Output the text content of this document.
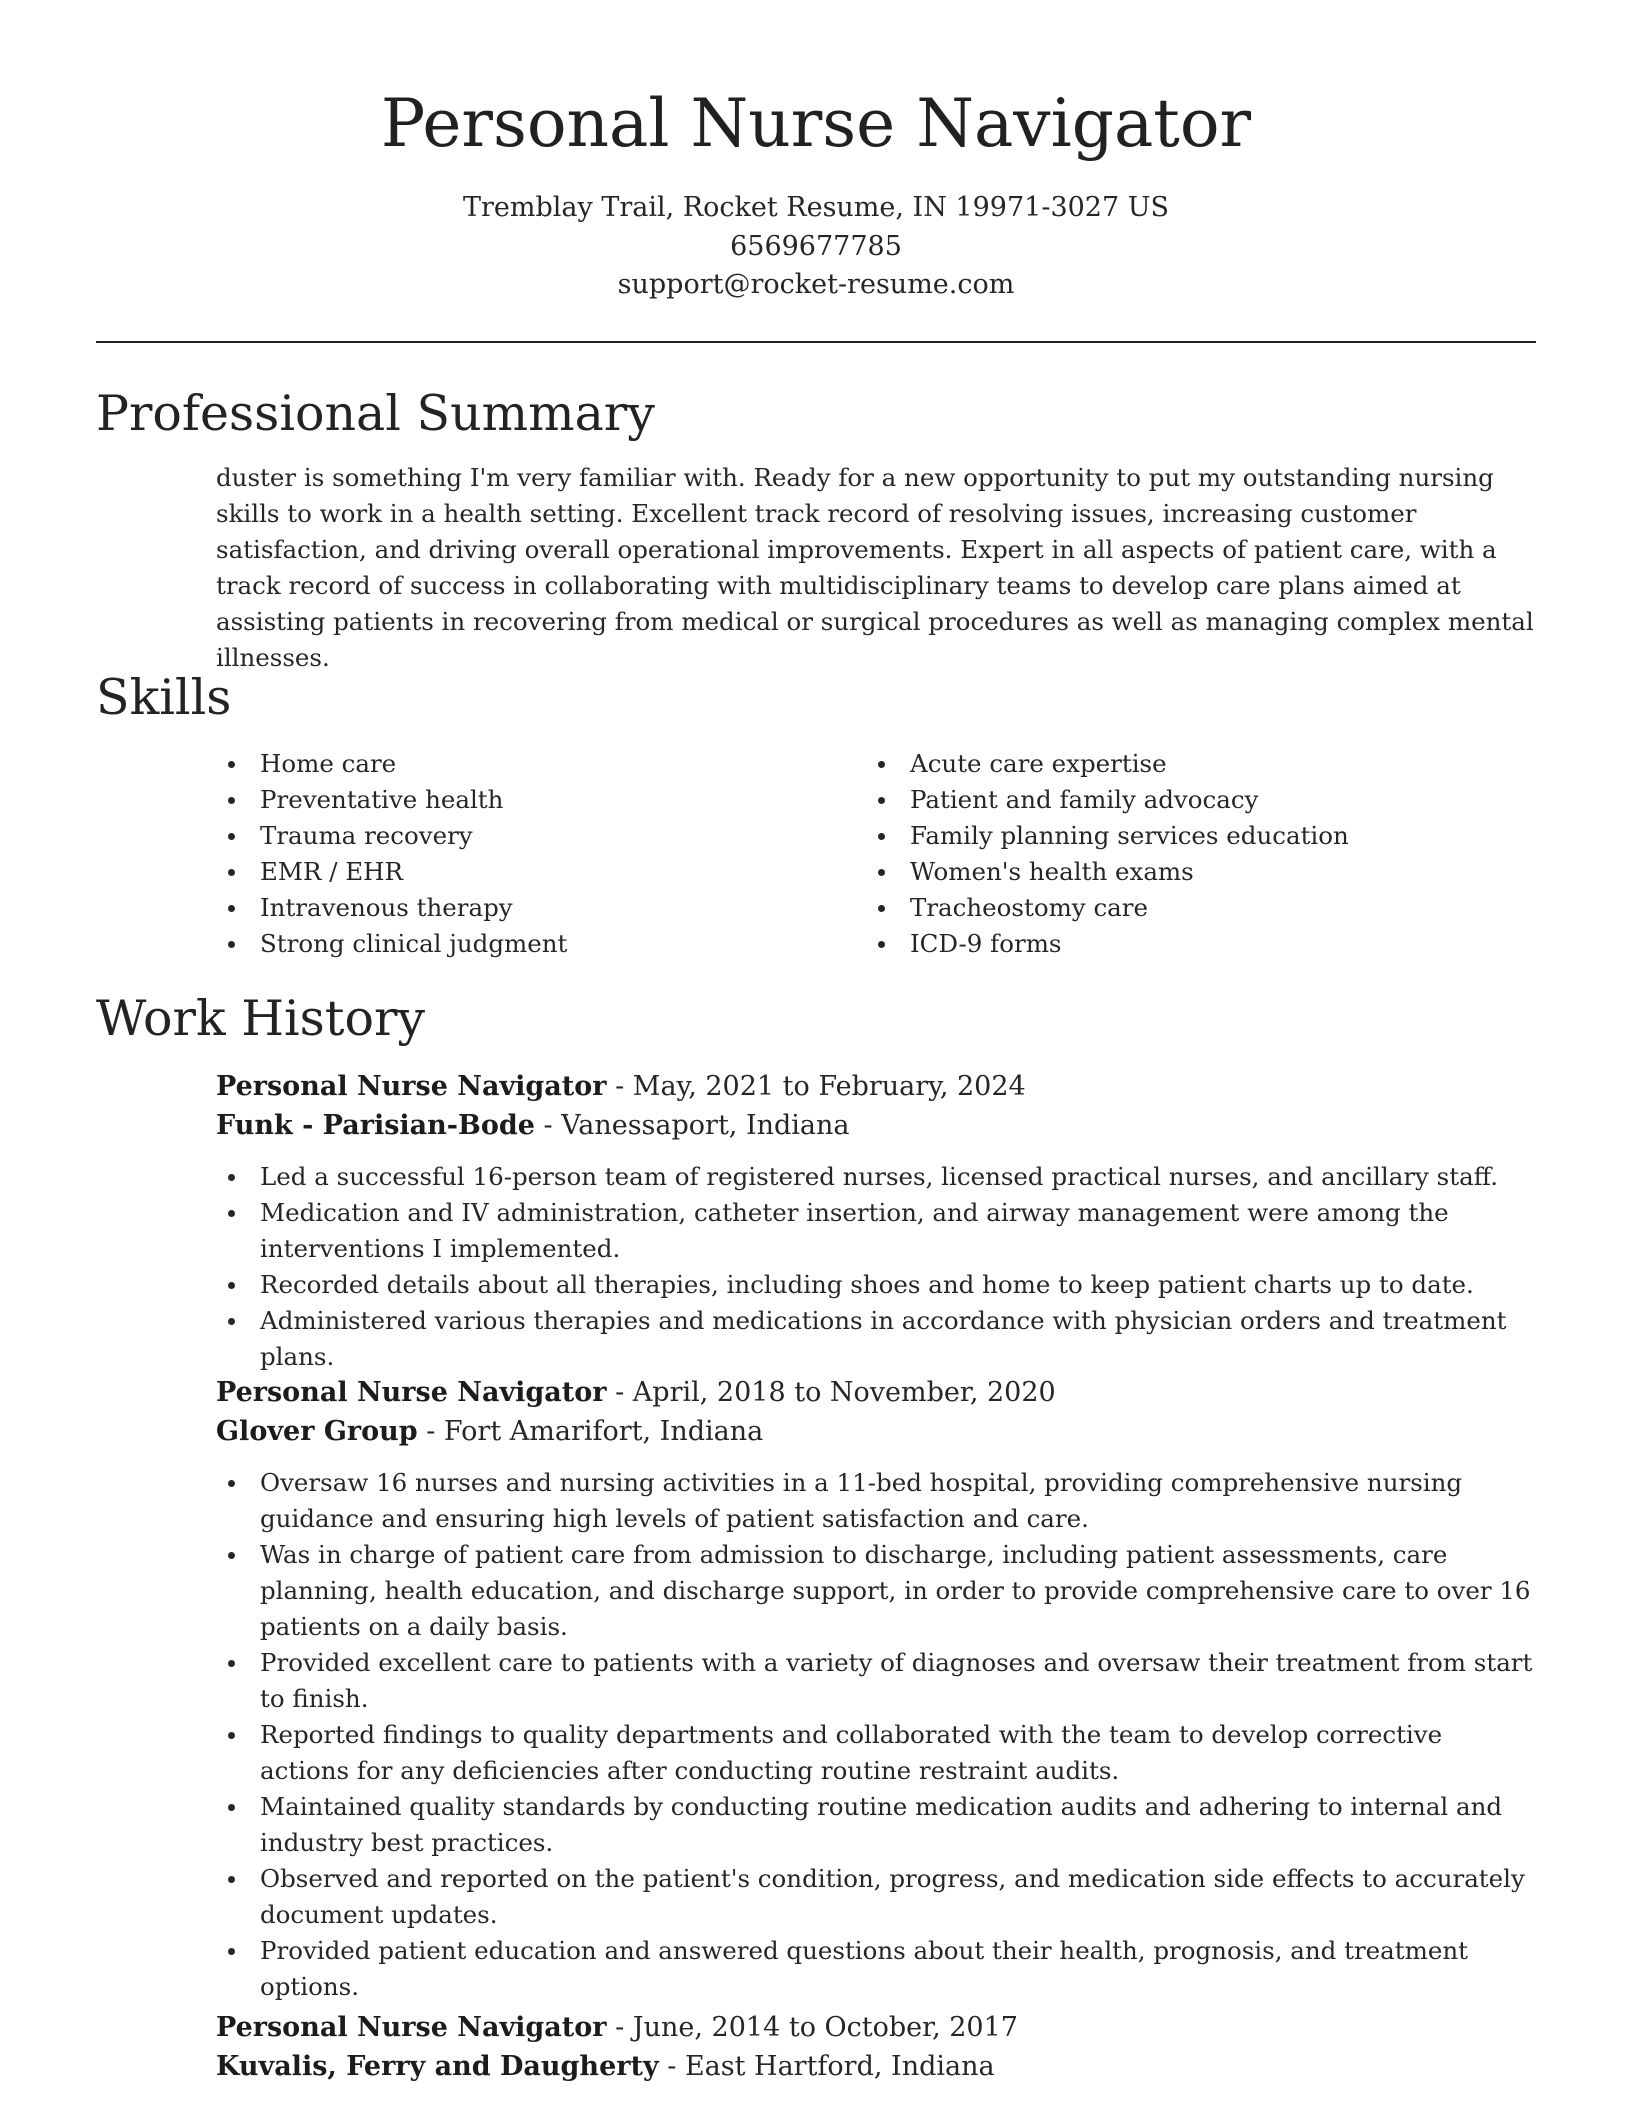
Personal Nurse Navigator
Tremblay Trail, Rocket Resume, IN 19971-3027 US
6569677785
support@rocket-resume.com
Professional Summary

duster is something I'm very familiar with. Ready for a new opportunity to put my outstanding nursing skills to work in a health setting. Excellent track record of resolving issues, increasing customer satisfaction, and driving overall operational improvements. Expert in all aspects of patient care, with a track record of success in collaborating with multidisciplinary teams to develop care plans aimed at assisting patients in recovering from medical or surgical procedures as well as managing complex mental illnesses.

Skills
Home care
Preventative health
Trauma recovery
EMR / EHR
Intravenous therapy
Strong clinical judgment
Acute care expertise
Patient and family advocacy
Family planning services education
Women's health exams
Tracheostomy care
ICD-9 forms
Work History
Personal Nurse Navigator - May, 2021 to February, 2024
Funk - Parisian-Bode - Vanessaport, Indiana
Led a successful 16-person team of registered nurses, licensed practical nurses, and ancillary staff.
Medication and IV administration, catheter insertion, and airway management were among the interventions I implemented.
Recorded details about all therapies, including shoes and home to keep patient charts up to date.
Administered various therapies and medications in accordance with physician orders and treatment plans.
Personal Nurse Navigator - April, 2018 to November, 2020
Glover Group - Fort Amarifort, Indiana
Oversaw 16 nurses and nursing activities in a 11-bed hospital, providing comprehensive nursing guidance and ensuring high levels of patient satisfaction and care.
Was in charge of patient care from admission to discharge, including patient assessments, care planning, health education, and discharge support, in order to provide comprehensive care to over 16 patients on a daily basis.
Provided excellent care to patients with a variety of diagnoses and oversaw their treatment from start to finish.
Reported findings to quality departments and collaborated with the team to develop corrective actions for any deficiencies after conducting routine restraint audits.
Maintained quality standards by conducting routine medication audits and adhering to internal and industry best practices.
Observed and reported on the patient's condition, progress, and medication side effects to accurately document updates.
Provided patient education and answered questions about their health, prognosis, and treatment options.
Personal Nurse Navigator - June, 2014 to October, 2017
Kuvalis, Ferry and Daugherty - East Hartford, Indiana
